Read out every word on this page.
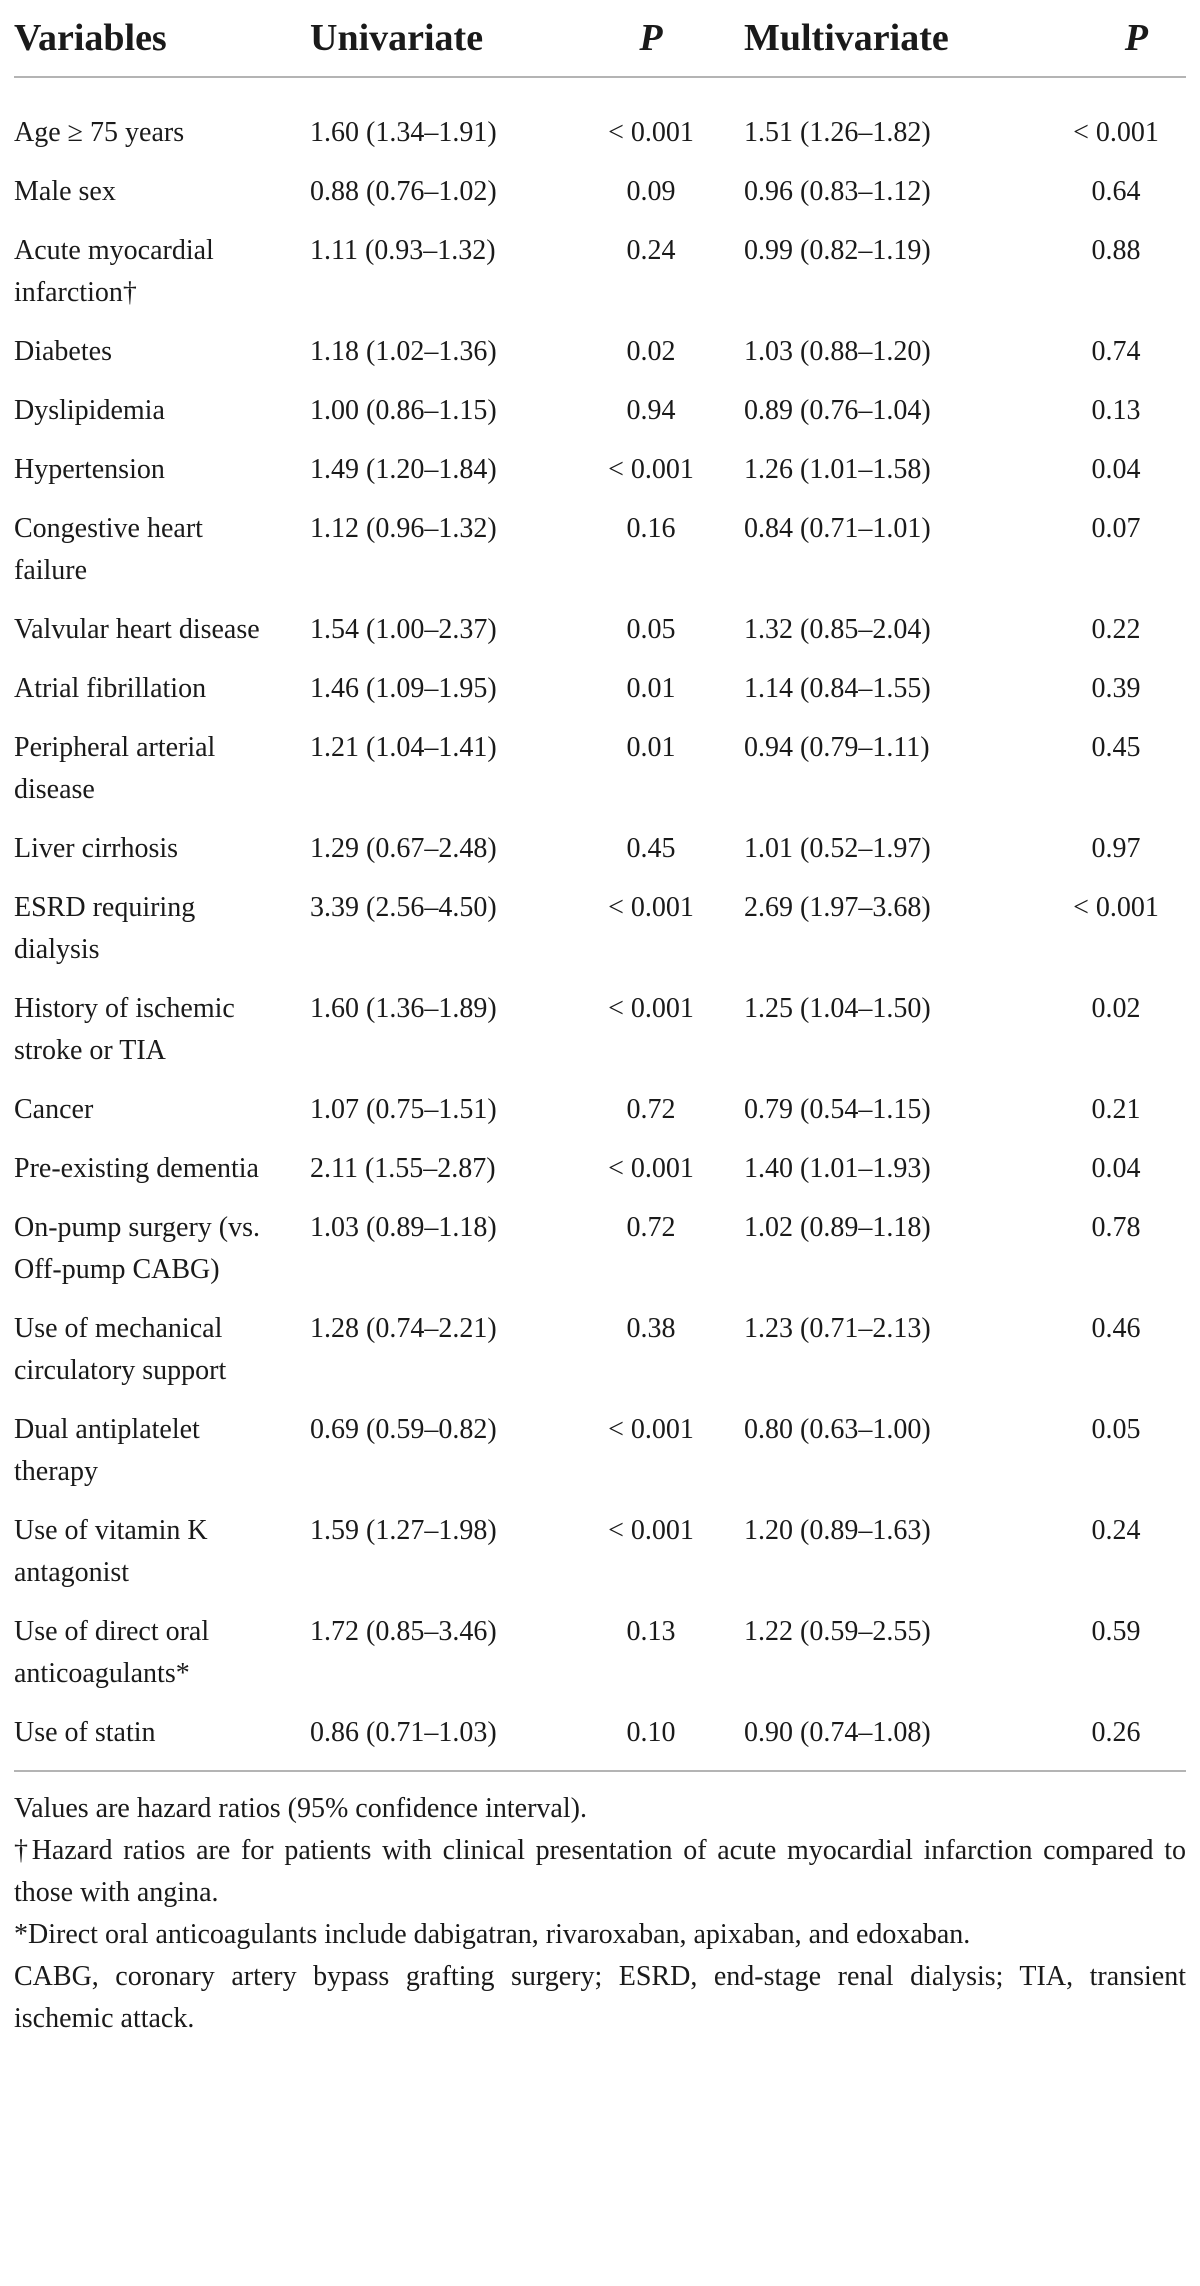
Variables	Univariate	P	Multivariate	P
Age ≥ 75 years	1.60 (1.34–1.91)	< 0.001	1.51 (1.26–1.82)	< 0.001
Male sex	0.88 (0.76–1.02)	0.09	0.96 (0.83–1.12)	0.64
Acute myocardial infarction†	1.11 (0.93–1.32)	0.24	0.99 (0.82–1.19)	0.88
Diabetes	1.18 (1.02–1.36)	0.02	1.03 (0.88–1.20)	0.74
Dyslipidemia	1.00 (0.86–1.15)	0.94	0.89 (0.76–1.04)	0.13
Hypertension	1.49 (1.20–1.84)	< 0.001	1.26 (1.01–1.58)	0.04
Congestive heart failure	1.12 (0.96–1.32)	0.16	0.84 (0.71–1.01)	0.07
Valvular heart disease	1.54 (1.00–2.37)	0.05	1.32 (0.85–2.04)	0.22
Atrial fibrillation	1.46 (1.09–1.95)	0.01	1.14 (0.84–1.55)	0.39
Peripheral arterial disease	1.21 (1.04–1.41)	0.01	0.94 (0.79–1.11)	0.45
Liver cirrhosis	1.29 (0.67–2.48)	0.45	1.01 (0.52–1.97)	0.97
ESRD requiring dialysis	3.39 (2.56–4.50)	< 0.001	2.69 (1.97–3.68)	< 0.001
History of ischemic stroke or TIA	1.60 (1.36–1.89)	< 0.001	1.25 (1.04–1.50)	0.02
Cancer	1.07 (0.75–1.51)	0.72	0.79 (0.54–1.15)	0.21
Pre-existing dementia	2.11 (1.55–2.87)	< 0.001	1.40 (1.01–1.93)	0.04
On-pump surgery (vs. Off-pump CABG)	1.03 (0.89–1.18)	0.72	1.02 (0.89–1.18)	0.78
Use of mechanical circulatory support	1.28 (0.74–2.21)	0.38	1.23 (0.71–2.13)	0.46
Dual antiplatelet therapy	0.69 (0.59–0.82)	< 0.001	0.80 (0.63–1.00)	0.05
Use of vitamin K antagonist	1.59 (1.27–1.98)	< 0.001	1.20 (0.89–1.63)	0.24
Use of direct oral anticoagulants*	1.72 (0.85–3.46)	0.13	1.22 (0.59–2.55)	0.59
Use of statin	0.86 (0.71–1.03)	0.10	0.90 (0.74–1.08)	0.26

Values are hazard ratios (95% confidence interval).

†Hazard ratios are for patients with clinical presentation of acute myocardial infarction compared to those with angina.

*Direct oral anticoagulants include dabigatran, rivaroxaban, apixaban, and edoxaban.

CABG, coronary artery bypass grafting surgery; ESRD, end-stage renal dialysis; TIA, transient ischemic attack.
